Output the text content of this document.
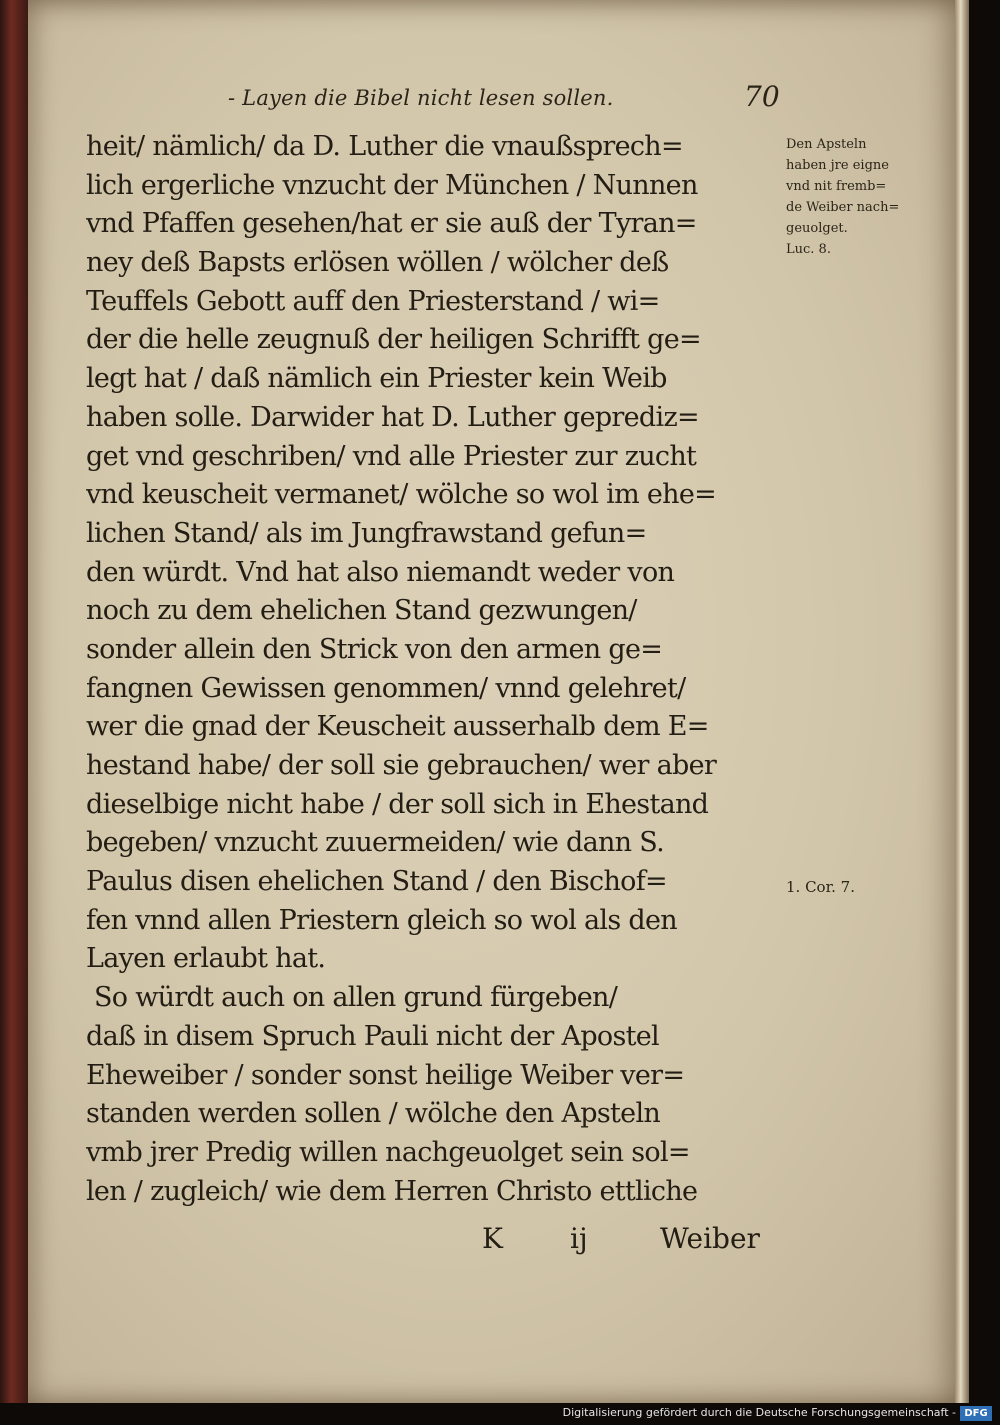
- Layen die Bibel nicht lesen sollen.	70
heit/ nämlich/ da D. Luther die vnaußsprech=
lich ergerliche vnzucht der München / Nunnen
vnd Pfaffen gesehen/hat er sie auß der Tyran=
ney deß Bapsts erlösen wöllen / wölcher deß
Teuffels Gebott auff den Priesterstand / wi=
der die helle zeugnuß der heiligen Schrifft ge=
legt hat / daß nämlich ein Priester kein Weib
haben solle. Darwider hat D. Luther geprediz=
get vnd geschriben/ vnd alle Priester zur zucht
vnd keuscheit vermanet/ wölche so wol im ehe=
lichen Stand/ als im Jungfrawstand gefun=
den würdt. Vnd hat also niemandt weder von
noch zu dem ehelichen Stand gezwungen/
sonder allein den Strick von den armen ge=
fangnen Gewissen genommen/ vnnd gelehret/
wer die gnad der Keuscheit ausserhalb dem E=
hestand habe/ der soll sie gebrauchen/ wer aber
dieselbige nicht habe / der soll sich in Ehestand
begeben/ vnzucht zuuermeiden/ wie dann S.
Paulus disen ehelichen Stand / den Bischof=
fen vnnd allen Priestern gleich so wol als den
Layen erlaubt hat.
So würdt auch on allen grund fürgeben/
daß in disem Spruch Pauli nicht der Apostel
Eheweiber / sonder sonst heilige Weiber ver=
standen werden sollen / wölche den Apsteln
vmb jrer Predig willen nachgeuolget sein sol=
len / zugleich/ wie dem Herren Christo ettliche
Den Apsteln
haben jre eigne
vnd nit fremb=
de Weiber nach=
geuolget.
Luc. 8.
1. Cor. 7.
K ij	Weiber
Digitalisierung gefördert durch die Deutsche Forschungsgemeinschaft - DFG
